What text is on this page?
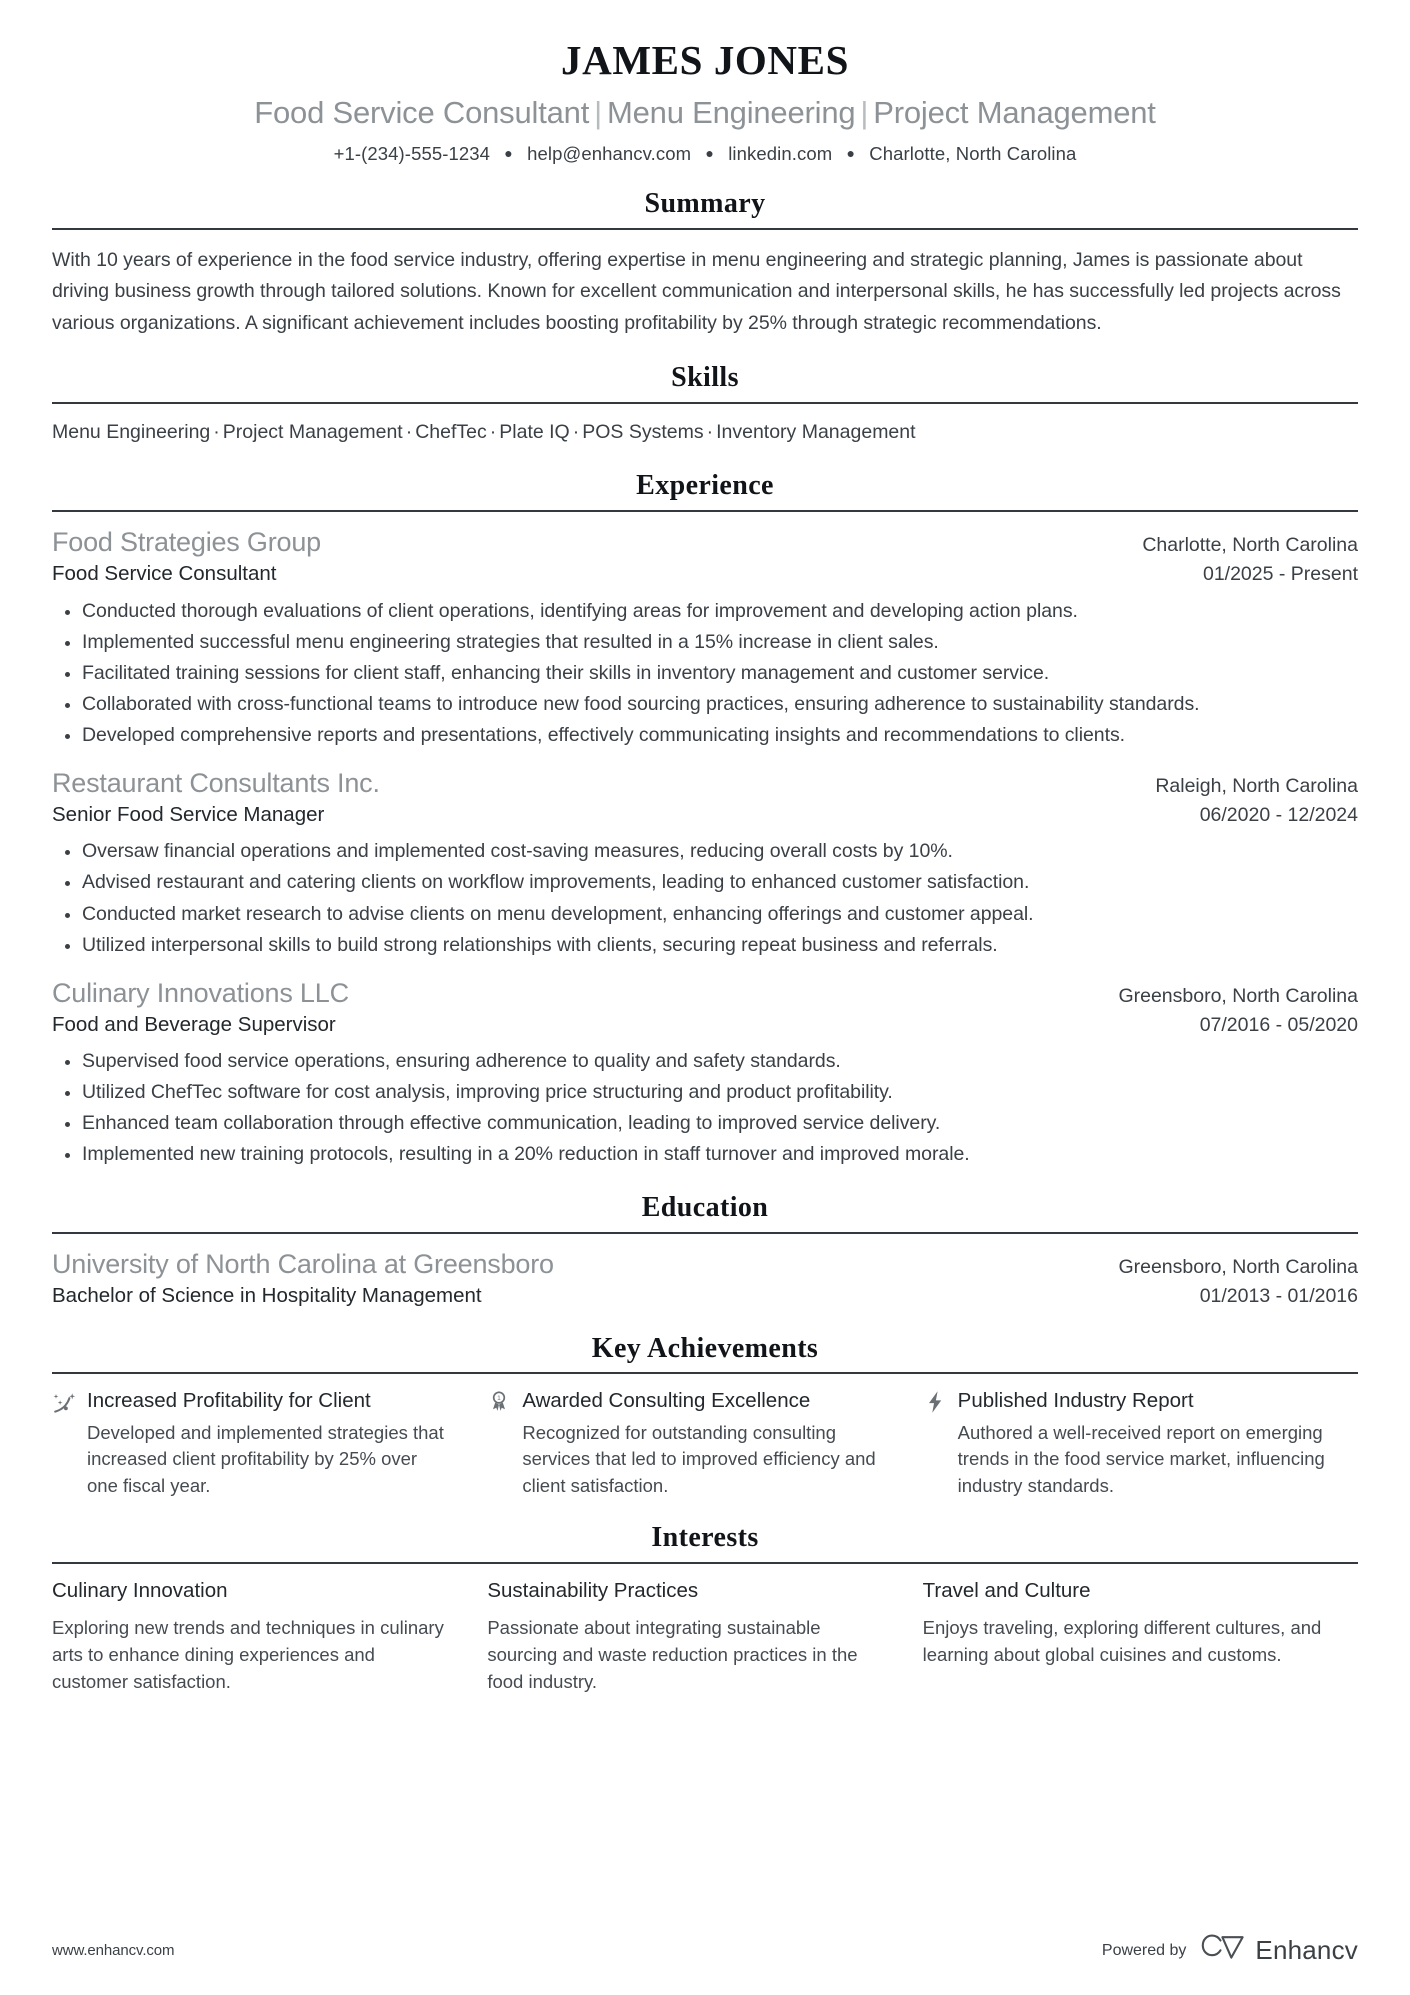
JAMES JONES
Food Service Consultant | Menu Engineering | Project Management
+1-(234)-555-1234 ● help@enhancv.com ● linkedin.com ● Charlotte, North Carolina
Summary

With 10 years of experience in the food service industry, offering expertise in menu engineering and strategic planning, James is passionate about driving business growth through tailored solutions. Known for excellent communication and interpersonal skills, he has successfully led projects across various organizations. A significant achievement includes boosting profitability by 25% through strategic recommendations.

Skills
Menu Engineering · Project Management · ChefTec · Plate IQ · POS Systems · Inventory Management
Experience
Food Strategies Group	Charlotte, North Carolina
Food Service Consultant	01/2025 - Present
Conducted thorough evaluations of client operations, identifying areas for improvement and developing action plans.
Implemented successful menu engineering strategies that resulted in a 15% increase in client sales.
Facilitated training sessions for client staff, enhancing their skills in inventory management and customer service.
Collaborated with cross-functional teams to introduce new food sourcing practices, ensuring adherence to sustainability standards.
Developed comprehensive reports and presentations, effectively communicating insights and recommendations to clients.
Restaurant Consultants Inc.	Raleigh, North Carolina
Senior Food Service Manager	06/2020 - 12/2024
Oversaw financial operations and implemented cost-saving measures, reducing overall costs by 10%.
Advised restaurant and catering clients on workflow improvements, leading to enhanced customer satisfaction.
Conducted market research to advise clients on menu development, enhancing offerings and customer appeal.
Utilized interpersonal skills to build strong relationships with clients, securing repeat business and referrals.
Culinary Innovations LLC	Greensboro, North Carolina
Food and Beverage Supervisor	07/2016 - 05/2020
Supervised food service operations, ensuring adherence to quality and safety standards.
Utilized ChefTec software for cost analysis, improving price structuring and product profitability.
Enhanced team collaboration through effective communication, leading to improved service delivery.
Implemented new training protocols, resulting in a 20% reduction in staff turnover and improved morale.
Education
University of North Carolina at Greensboro	Greensboro, North Carolina
Bachelor of Science in Hospitality Management	01/2013 - 01/2016
Key Achievements
Increased Profitability for Client
Developed and implemented strategies that increased client profitability by 25% over one fiscal year.
1 Awarded Consulting Excellence
Recognized for outstanding consulting services that led to improved efficiency and client satisfaction.
Published Industry Report
Authored a well-received report on emerging trends in the food service market, influencing industry standards.
Interests
Culinary Innovation
Exploring new trends and techniques in culinary arts to enhance dining experiences and customer satisfaction.
Sustainability Practices
Passionate about integrating sustainable sourcing and waste reduction practices in the food industry.
Travel and Culture
Enjoys traveling, exploring different cultures, and learning about global cuisines and customs.
www.enhancv.com	Powered by	Enhancv
